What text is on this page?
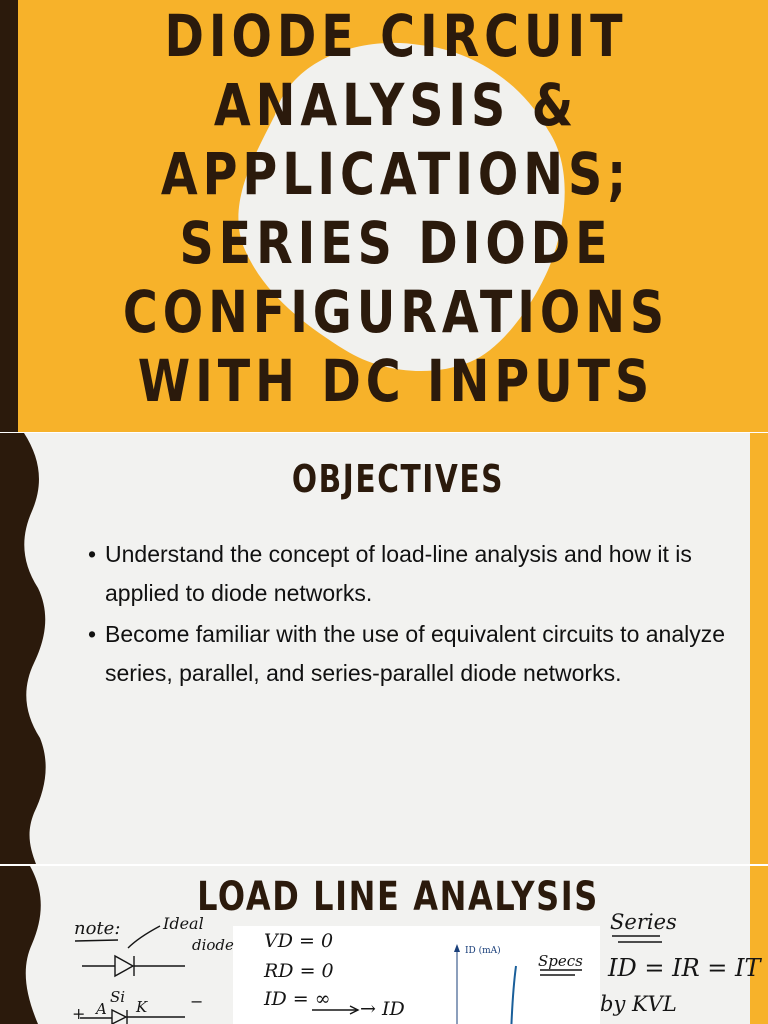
DIODE CIRCUIT
ANALYSIS &
APPLICATIONS;
SERIES DIODE
CONFIGURATIONS
WITH DC INPUTS
OBJECTIVES
• Understand the concept of load-line analysis and how it is applied to diode networks.
• Become familiar with the use of equivalent circuits to analyze series, parallel, and series-parallel diode networks.
LOAD LINE ANALYSIS
ID (mA)
note:	Ideal
diode VD = 0
RD = 0
ID = ∞ → ID
Si
K	−
+ A
Specs
Series
ID = IR = IT
by KVL
